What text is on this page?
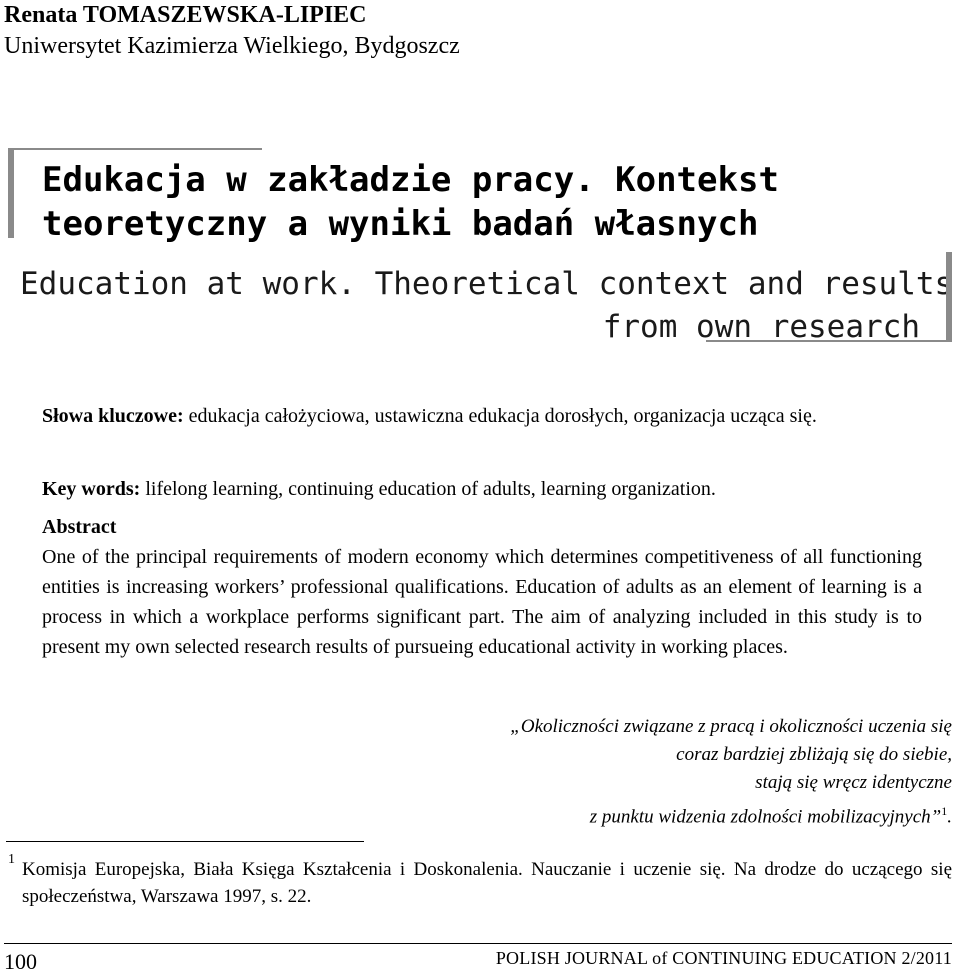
Renata TOMASZEWSKA-LIPIEC
Uniwersytet Kazimierza Wielkiego, Bydgoszcz
Edukacja w zakładzie pracy. Kontekst
teoretyczny a wyniki badań własnych
Education at work. Theoretical context and results
from own research
Słowa kluczowe: edukacja całożyciowa, ustawiczna edukacja dorosłych, organizacja ucząca się.
Key words: lifelong learning, continuing education of adults, learning organization.
Abstract
One of the principal requirements of modern economy which determines competitiveness of all functioning entities is increasing workers’ professional qualifications. Education of adults as an element of learning is a process in which a workplace performs significant part. The aim of analyzing included in this study is to present my own selected research results of pursueing educational activity in working places.
„Okoliczności związane z pracą i okoliczności uczenia się
coraz bardziej zbliżają się do siebie,
stają się wręcz identyczne
z punktu widzenia zdolności mobilizacyjnych”$^1$.
1 Komisja Europejska, Biała Księga Kształcenia i Doskonalenia. Nauczanie i uczenie się. Na drodze do uczącego się społeczeństwa, Warszawa 1997, s. 22.
100	POLISH JOURNAL of CONTINUING EDUCATION 2/2011
